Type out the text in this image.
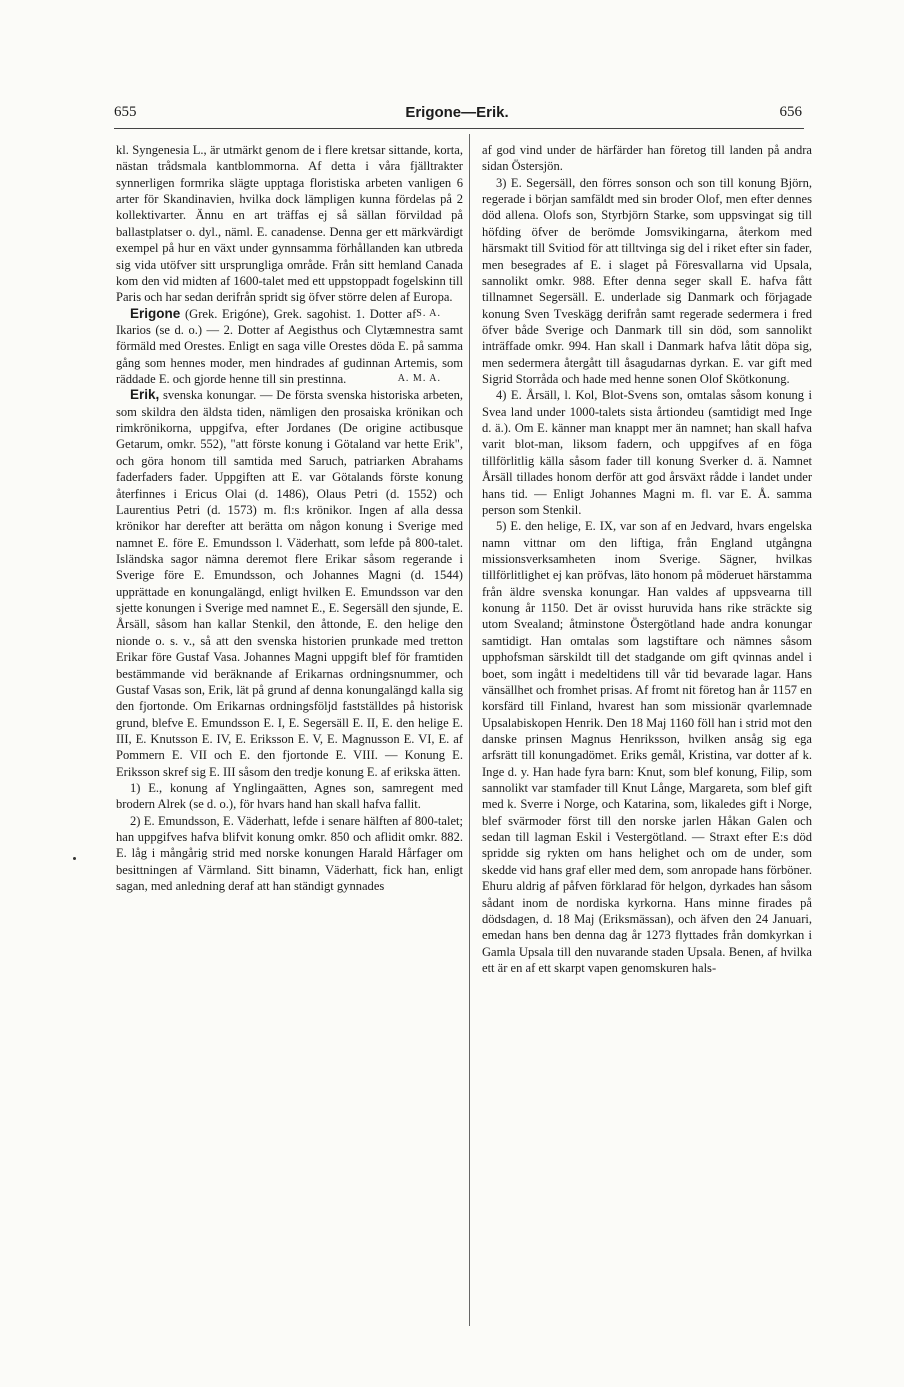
655	Erigone—Erik.	656

kl. Syngenesia L., är utmärkt genom de i flere kretsar sittande, korta, nästan trådsmala kantblommorna. Af detta i våra fjälltrakter synnerligen formrika slägte upptaga floristiska arbeten vanligen 6 arter för Skandinavien, hvilka dock lämpligen kunna fördelas på 2 kollektivarter. Ännu en art träffas ej så sällan förvildad på ballastplatser o. dyl., näml. E. canadense. Denna ger ett märkvärdigt exempel på hur en växt under gynnsamma förhållanden kan utbreda sig vida utöfver sitt ursprungliga område. Från sitt hemland Canada kom den vid midten af 1600-talet med ett uppstoppadt fogelskinn till Paris och har sedan derifrån spridt sig öfver större delen af Europa.
S. A.

Erigone (Grek. Erigóne), Grek. sagohist. 1. Dotter af Ikarios (se d. o.) — 2. Dotter af Aegisthus och Clytæmnestra samt förmäld med Orestes. Enligt en saga ville Orestes döda E. på samma gång som hennes moder, men hindrades af gudinnan Artemis, som räddade E. och gjorde henne till sin prestinna.	A. M. A.

Erik, svenska konungar. — De första svenska historiska arbeten, som skildra den äldsta tiden, nämligen den prosaiska krönikan och rimkrönikorna, uppgifva, efter Jordanes (De origine actibusque Getarum, omkr. 552), "att förste konung i Götaland var hette Erik", och göra honom till samtida med Saruch, patriarken Abrahams faderfaders fader. Uppgiften att E. var Götalands förste konung återfinnes i Ericus Olai (d. 1486), Olaus Petri (d. 1552) och Laurentius Petri (d. 1573) m. fl:s krönikor. Ingen af alla dessa krönikor har derefter att berätta om någon konung i Sverige med namnet E. före E. Emundsson l. Väderhatt, som lefde på 800-talet. Isländska sagor nämna deremot flere Erikar såsom regerande i Sverige före E. Emundsson, och Johannes Magni (d. 1544) upprättade en konungalängd, enligt hvilken E. Emundsson var den sjette konungen i Sverige med namnet E., E. Segersäll den sjunde, E. Årsäll, såsom han kallar Stenkil, den åttonde, E. den helige den nionde o. s. v., så att den svenska historien prunkade med tretton Erikar före Gustaf Vasa. Johannes Magni uppgift blef för framtiden bestämmande vid beräknande af Erikarnas ordningsnummer, och Gustaf Vasas son, Erik, lät på grund af denna konungalängd kalla sig den fjortonde. Om Erikarnas ordningsföljd fastställdes på historisk grund, blefve E. Emundsson E. I, E. Segersäll E. II, E. den helige E. III, E. Knutsson E. IV, E. Eriksson E. V, E. Magnusson E. VI, E. af Pommern E. VII och E. den fjortonde E. VIII. — Konung E. Eriksson skref sig E. III såsom den tredje konung E. af erikska ätten.

1) E., konung af Ynglingaätten, Agnes son, samregent med brodern Alrek (se d. o.), för hvars hand han skall hafva fallit.

2) E. Emundsson, E. Väderhatt, lefde i senare hälften af 800-talet; han uppgifves hafva blifvit konung omkr. 850 och aflidit omkr. 882. E. låg i mångårig strid med norske konungen Harald Hårfager om besittningen af Värmland. Sitt binamn, Väderhatt, fick han, enligt sagan, med anledning deraf att han ständigt gynnades

af god vind under de härfärder han företog till landen på andra sidan Östersjön.

3) E. Segersäll, den förres sonson och son till konung Björn, regerade i början samfäldt med sin broder Olof, men efter dennes död allena. Olofs son, Styrbjörn Starke, som uppsvingat sig till höfding öfver de berömde Jomsvikingarna, återkom med härsmakt till Svitiod för att tilltvinga sig del i riket efter sin fader, men besegrades af E. i slaget på Föresvallarna vid Upsala, sannolikt omkr. 988. Efter denna seger skall E. hafva fått tillnamnet Segersäll. E. underlade sig Danmark och förjagade konung Sven Tveskägg derifrån samt regerade sedermera i fred öfver både Sverige och Danmark till sin död, som sannolikt inträffade omkr. 994. Han skall i Danmark hafva låtit döpa sig, men sedermera återgått till åsagudarnas dyrkan. E. var gift med Sigrid Storråda och hade med henne sonen Olof Skötkonung.

4) E. Årsäll, l. Kol, Blot-Svens son, omtalas såsom konung i Svea land under 1000-talets sista årtiondeu (samtidigt med Inge d. ä.). Om E. känner man knappt mer än namnet; han skall hafva varit blot-man, liksom fadern, och uppgifves af en föga tillförlitlig källa såsom fader till konung Sverker d. ä. Namnet Årsäll tillades honom derför att god årsväxt rådde i landet under hans tid. — Enligt Johannes Magni m. fl. var E. Å. samma person som Stenkil.

5) E. den helige, E. IX, var son af en Jedvard, hvars engelska namn vittnar om den liftiga, från England utgångna missionsverksamheten inom Sverige. Sägner, hvilkas tillförlitlighet ej kan pröfvas, läto honom på möderuet härstamma från äldre svenska konungar. Han valdes af uppsvearna till konung år 1150. Det är ovisst huruvida hans rike sträckte sig utom Svealand; åtminstone Östergötland hade andra konungar samtidigt. Han omtalas som lagstiftare och nämnes såsom upphofsman särskildt till det stadgande om gift qvinnas andel i boet, som ingått i medeltidens till vår tid bevarade lagar. Hans vänsällhet och fromhet prisas. Af fromt nit företog han år 1157 en korsfärd till Finland, hvarest han som missionär qvarlemnade Upsalabiskopen Henrik. Den 18 Maj 1160 föll han i strid mot den danske prinsen Magnus Henriksson, hvilken ansåg sig ega arfsrätt till konungadömet. Eriks gemål, Kristina, var dotter af k. Inge d. y. Han hade fyra barn: Knut, som blef konung, Filip, som sannolikt var stamfader till Knut Långe, Margareta, som blef gift med k. Sverre i Norge, och Katarina, som, likaledes gift i Norge, blef svärmoder först till den norske jarlen Håkan Galen och sedan till lagman Eskil i Vestergötland. — Straxt efter E:s död spridde sig rykten om hans helighet och om de under, som skedde vid hans graf eller med dem, som anropade hans förböner. Ehuru aldrig af påfven förklarad för helgon, dyrkades han såsom sådant inom de nordiska kyrkorna. Hans minne firades på dödsdagen, d. 18 Maj (Eriksmässan), och äfven den 24 Januari, emedan hans ben denna dag år 1273 flyttades från domkyrkan i Gamla Upsala till den nuvarande staden Upsala. Benen, af hvilka ett är en af ett skarpt vapen genomskuren hals-
